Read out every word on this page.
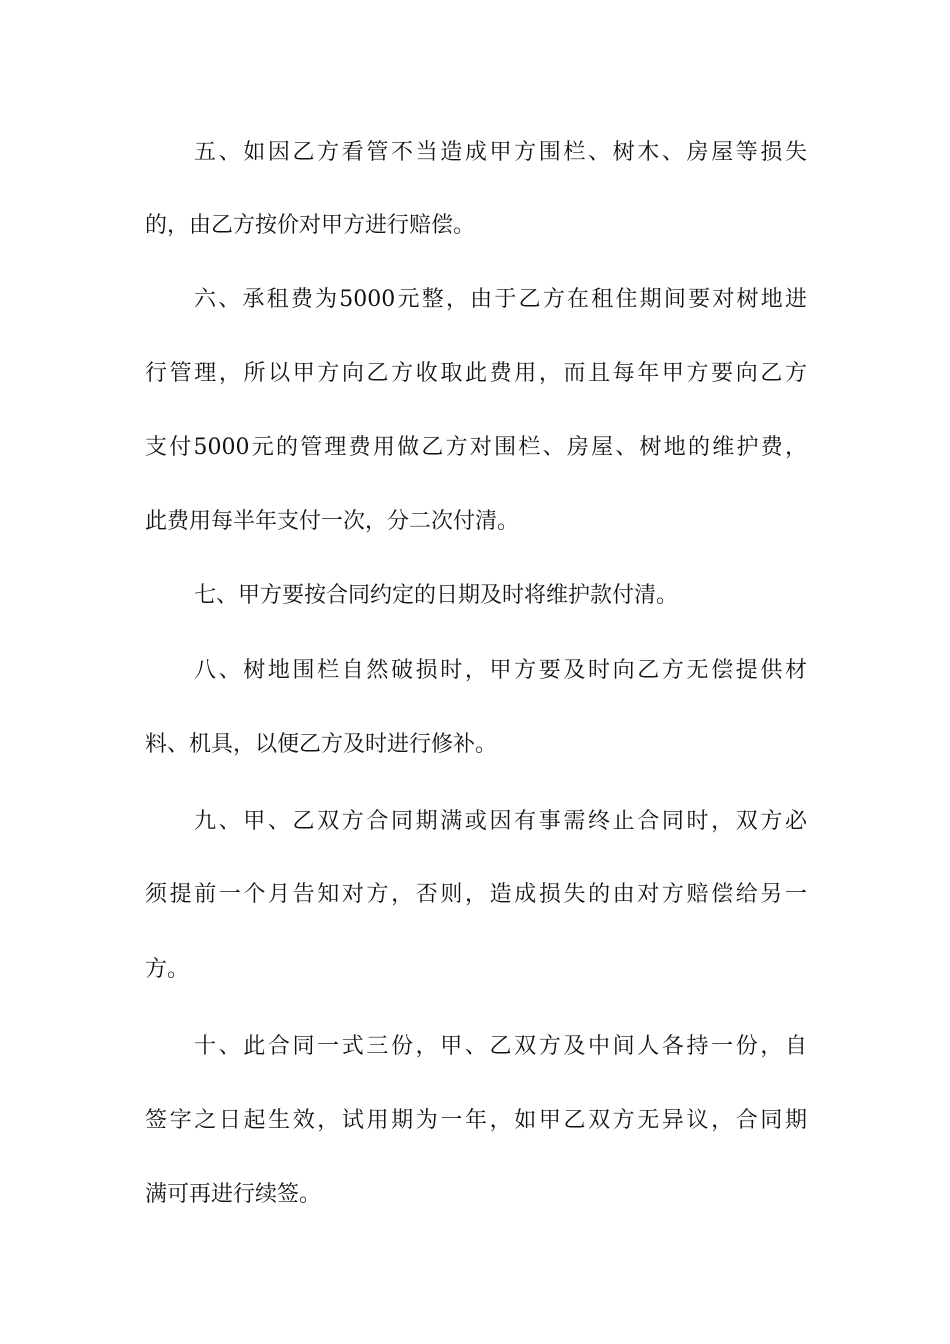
五、如因乙方看管不当造成甲方围栏、树木、房屋等损失
的，由乙方按价对甲方进行赔偿。
六、承租费为5000元整，由于乙方在租住期间要对树地进
行管理，所以甲方向乙方收取此费用，而且每年甲方要向乙方
支付5000元的管理费用做乙方对围栏、房屋、树地的维护费，
此费用每半年支付一次，分二次付清。
七、甲方要按合同约定的日期及时将维护款付清。
八、树地围栏自然破损时，甲方要及时向乙方无偿提供材
料、机具，以便乙方及时进行修补。
九、甲、乙双方合同期满或因有事需终止合同时，双方必
须提前一个月告知对方，否则，造成损失的由对方赔偿给另一
方。
十、此合同一式三份，甲、乙双方及中间人各持一份，自
签字之日起生效，试用期为一年，如甲乙双方无异议，合同期
满可再进行续签。
